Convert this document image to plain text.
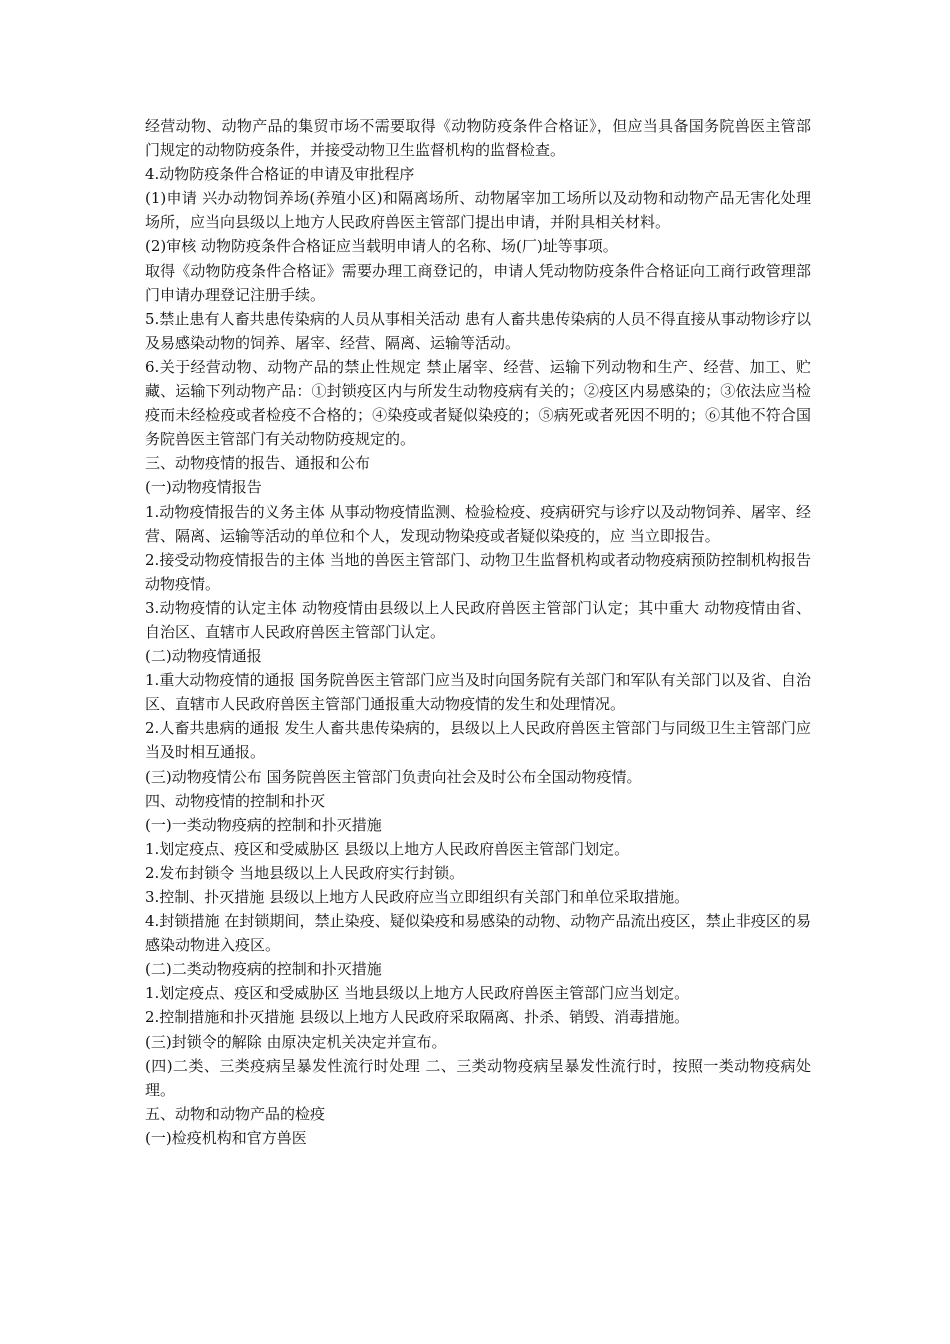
经营动物、动物产品的集贸市场不需要取得《动物防疫条件合格证》，但应当具备国务院兽医主管部门规定的动物防疫条件，并接受动物卫生监督机构的监督检查。

4.动物防疫条件合格证的申请及审批程序

(1)申请 兴办动物饲养场(养殖小区)和隔离场所、动物屠宰加工场所以及动物和动物产品无害化处理场所，应当向县级以上地方人民政府兽医主管部门提出申请，并附具相关材料。

(2)审核 动物防疫条件合格证应当载明申请人的名称、场(厂)址等事项。

取得《动物防疫条件合格证》需要办理工商登记的，申请人凭动物防疫条件合格证向工商行政管理部门申请办理登记注册手续。

5.禁止患有人畜共患传染病的人员从事相关活动 患有人畜共患传染病的人员不得直接从事动物诊疗以及易感染动物的饲养、屠宰、经营、隔离、运输等活动。

6.关于经营动物、动物产品的禁止性规定 禁止屠宰、经营、运输下列动物和生产、经营、加工、贮藏、运输下列动物产品：①封锁疫区内与所发生动物疫病有关的；②疫区内易感染的；③依法应当检疫而未经检疫或者检疫不合格的；④染疫或者疑似染疫的；⑤病死或者死因不明的；⑥其他不符合国务院兽医主管部门有关动物防疫规定的。

三、动物疫情的报告、通报和公布

(一)动物疫情报告

1.动物疫情报告的义务主体 从事动物疫情监测、检验检疫、疫病研究与诊疗以及动物饲养、屠宰、经营、隔离、运输等活动的单位和个人，发现动物染疫或者疑似染疫的，应 当立即报告。

2.接受动物疫情报告的主体 当地的兽医主管部门、动物卫生监督机构或者动物疫病预防控制机构报告动物疫情。

3.动物疫情的认定主体 动物疫情由县级以上人民政府兽医主管部门认定；其中重大 动物疫情由省、自治区、直辖市人民政府兽医主管部门认定。

(二)动物疫情通报

1.重大动物疫情的通报 国务院兽医主管部门应当及时向国务院有关部门和军队有关部门以及省、自治区、直辖市人民政府兽医主管部门通报重大动物疫情的发生和处理情况。

2.人畜共患病的通报 发生人畜共患传染病的，县级以上人民政府兽医主管部门与同级卫生主管部门应当及时相互通报。

(三)动物疫情公布 国务院兽医主管部门负责向社会及时公布全国动物疫情。

四、动物疫情的控制和扑灭

(一)一类动物疫病的控制和扑灭措施

1.划定疫点、疫区和受威胁区 县级以上地方人民政府兽医主管部门划定。

2.发布封锁令 当地县级以上人民政府实行封锁。

3.控制、扑灭措施 县级以上地方人民政府应当立即组织有关部门和单位采取措施。

4.封锁措施 在封锁期间，禁止染疫、疑似染疫和易感染的动物、动物产品流出疫区，禁止非疫区的易感染动物进入疫区。

(二)二类动物疫病的控制和扑灭措施

1.划定疫点、疫区和受威胁区 当地县级以上地方人民政府兽医主管部门应当划定。

2.控制措施和扑灭措施 县级以上地方人民政府采取隔离、扑杀、销毁、消毒措施。

(三)封锁令的解除 由原决定机关决定并宣布。

(四)二类、三类疫病呈暴发性流行时处理 二、三类动物疫病呈暴发性流行时，按照一类动物疫病处理。

五、动物和动物产品的检疫

(一)检疫机构和官方兽医
